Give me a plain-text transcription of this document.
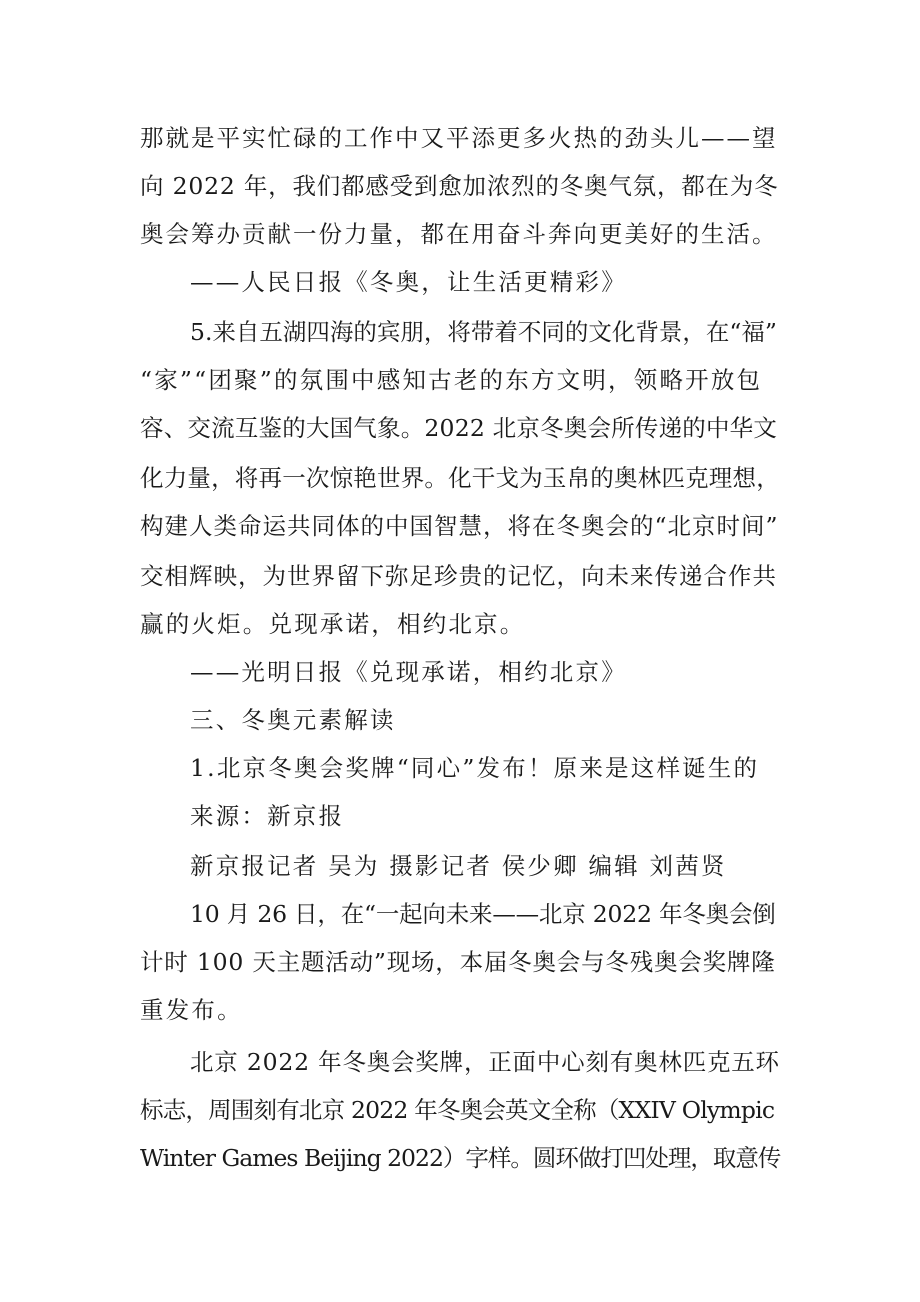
那就是平实忙碌的工作中又平添更多火热的劲头儿——望
向 2022 年，我们都感受到愈加浓烈的冬奥气氛，都在为冬
奥会筹办贡献一份力量，都在用奋斗奔向更美好的生活。
——人民日报《冬奥，让生活更精彩》
5.来自五湖四海的宾朋，将带着不同的文化背景，在“福”
“家”“团聚”的氛围中感知古老的东方文明，领略开放包
容、交流互鉴的大国气象。2022 北京冬奥会所传递的中华文
化力量，将再一次惊艳世界。化干戈为玉帛的奥林匹克理想，
构建人类命运共同体的中国智慧，将在冬奥会的“北京时间”
交相辉映，为世界留下弥足珍贵的记忆，向未来传递合作共
赢的火炬。兑现承诺，相约北京。
——光明日报《兑现承诺，相约北京》
三、冬奥元素解读
1.北京冬奥会奖牌“同心”发布！原来是这样诞生的
来源：新京报
新京报记者 吴为 摄影记者 侯少卿 编辑 刘茜贤
10 月 26 日，在“一起向未来——北京 2022 年冬奥会倒
计时 100 天主题活动”现场，本届冬奥会与冬残奥会奖牌隆
重发布。
北京 2022 年冬奥会奖牌，正面中心刻有奥林匹克五环
标志，周围刻有北京 2022 年冬奥会英文全称（XXIV Olympic
Winter Games Beijing 2022）字样。圆环做打凹处理，取意传
